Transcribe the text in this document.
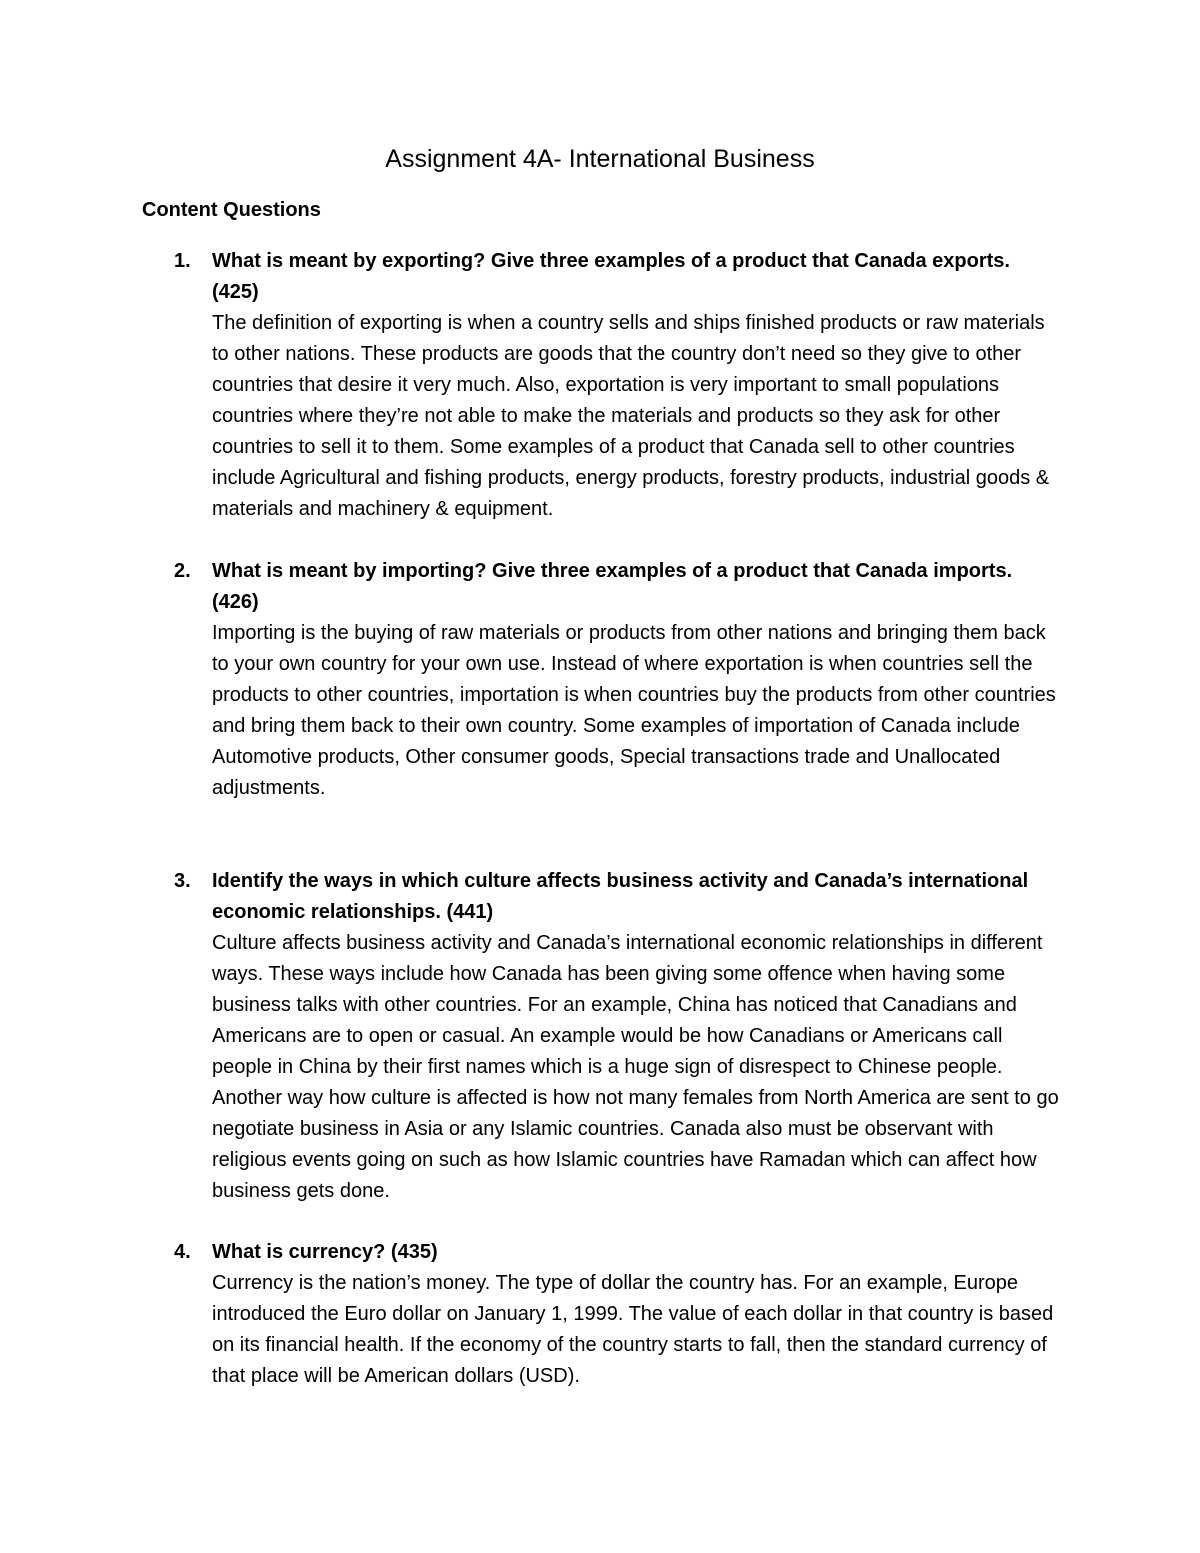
Assignment 4A- International Business
Content Questions
1. What is meant by exporting? Give three examples of a product that Canada exports. (425)

The definition of exporting is when a country sells and ships finished products or raw materials to other nations. These products are goods that the country don’t need so they give to other countries that desire it very much. Also, exportation is very important to small populations countries where they’re not able to make the materials and products so they ask for other countries to sell it to them. Some examples of a product that Canada sell to other countries include Agricultural and fishing products, energy products, forestry products, industrial goods & materials and machinery & equipment.

2. What is meant by importing? Give three examples of a product that Canada imports. (426)

Importing is the buying of raw materials or products from other nations and bringing them back to your own country for your own use. Instead of where exportation is when countries sell the products to other countries, importation is when countries buy the products from other countries and bring them back to their own country. Some examples of importation of Canada include Automotive products, Other consumer goods, Special transactions trade and Unallocated adjustments.

3. Identify the ways in which culture affects business activity and Canada’s international economic relationships. (441)

Culture affects business activity and Canada’s international economic relationships in different ways. These ways include how Canada has been giving some offence when having some business talks with other countries. For an example, China has noticed that Canadians and Americans are to open or casual. An example would be how Canadians or Americans call people in China by their first names which is a huge sign of disrespect to Chinese people. Another way how culture is affected is how not many females from North America are sent to go negotiate business in Asia or any Islamic countries. Canada also must be observant with religious events going on such as how Islamic countries have Ramadan which can affect how business gets done.

4. What is currency? (435)

Currency is the nation’s money. The type of dollar the country has. For an example, Europe introduced the Euro dollar on January 1, 1999. The value of each dollar in that country is based on its financial health. If the economy of the country starts to fall, then the standard currency of that place will be American dollars (USD).
